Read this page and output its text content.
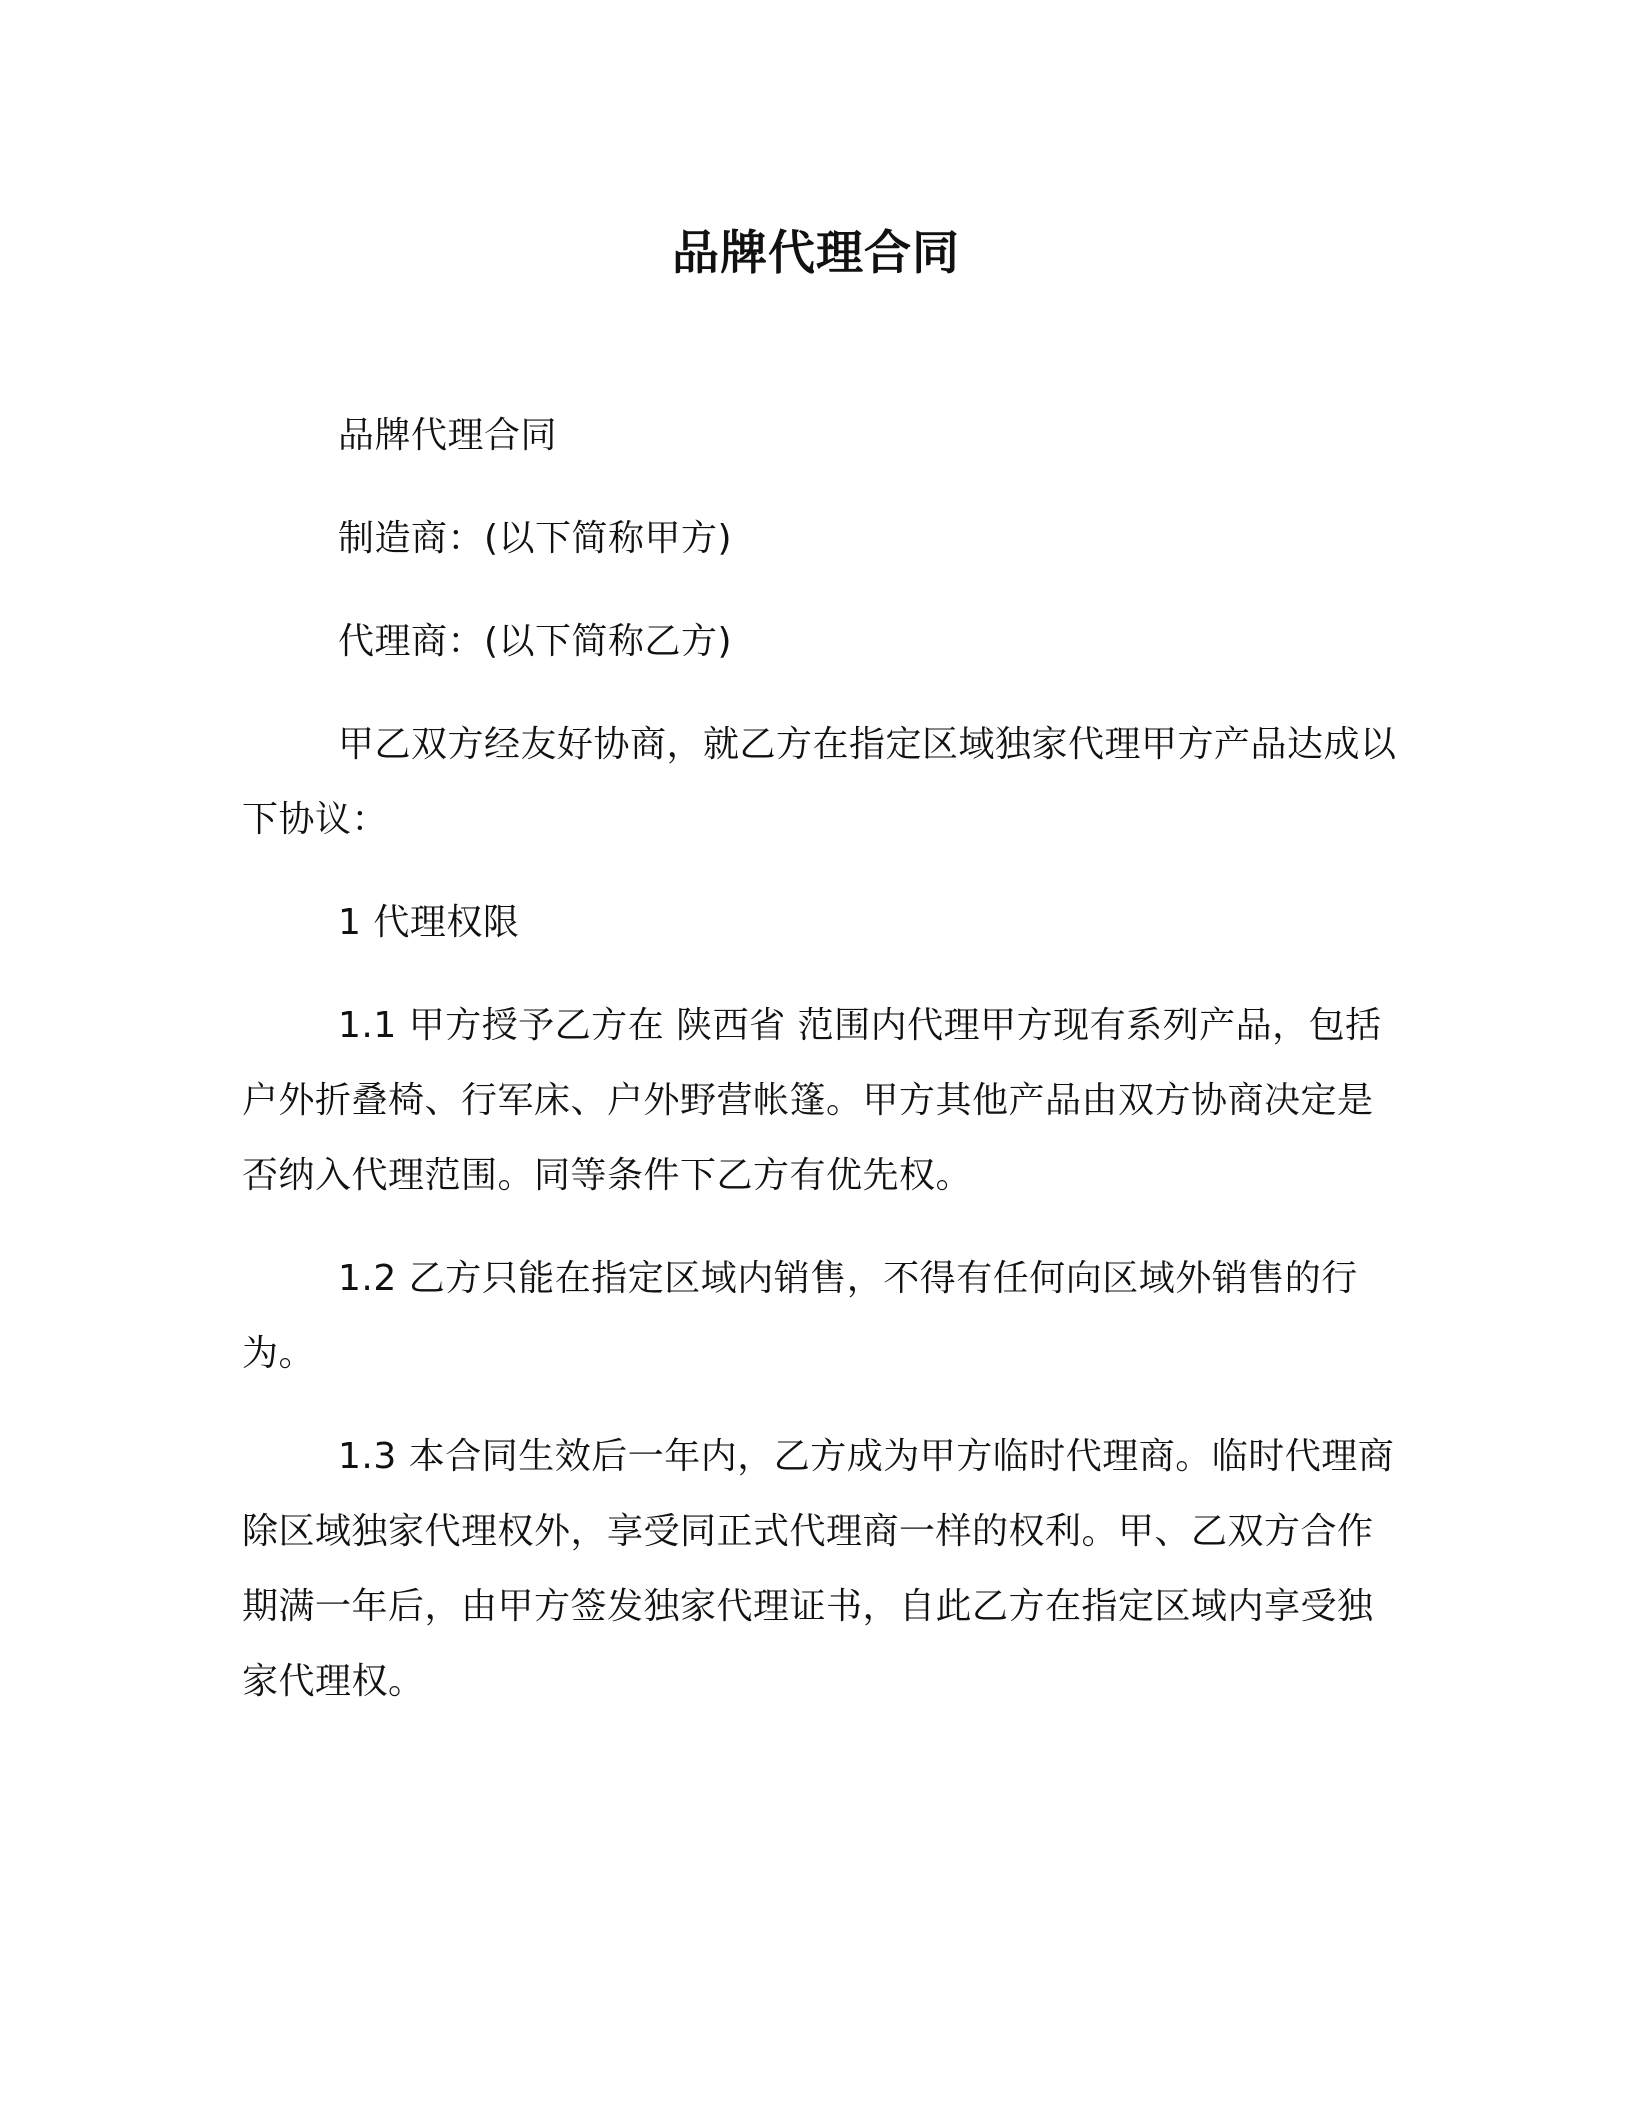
品牌代理合同

品牌代理合同

制造商：(以下简称甲方)

代理商：(以下简称乙方)

甲乙双方经友好协商，就乙方在指定区域独家代理甲方产品达成以下协议：

1 代理权限

1.1 甲方授予乙方在 陕西省 范围内代理甲方现有系列产品，包括户外折叠椅、行军床、户外野营帐篷。甲方其他产品由双方协商决定是否纳入代理范围。同等条件下乙方有优先权。

1.2 乙方只能在指定区域内销售，不得有任何向区域外销售的行为。

1.3 本合同生效后一年内，乙方成为甲方临时代理商。临时代理商除区域独家代理权外，享受同正式代理商一样的权利。甲、乙双方合作期满一年后，由甲方签发独家代理证书，自此乙方在指定区域内享受独家代理权。
